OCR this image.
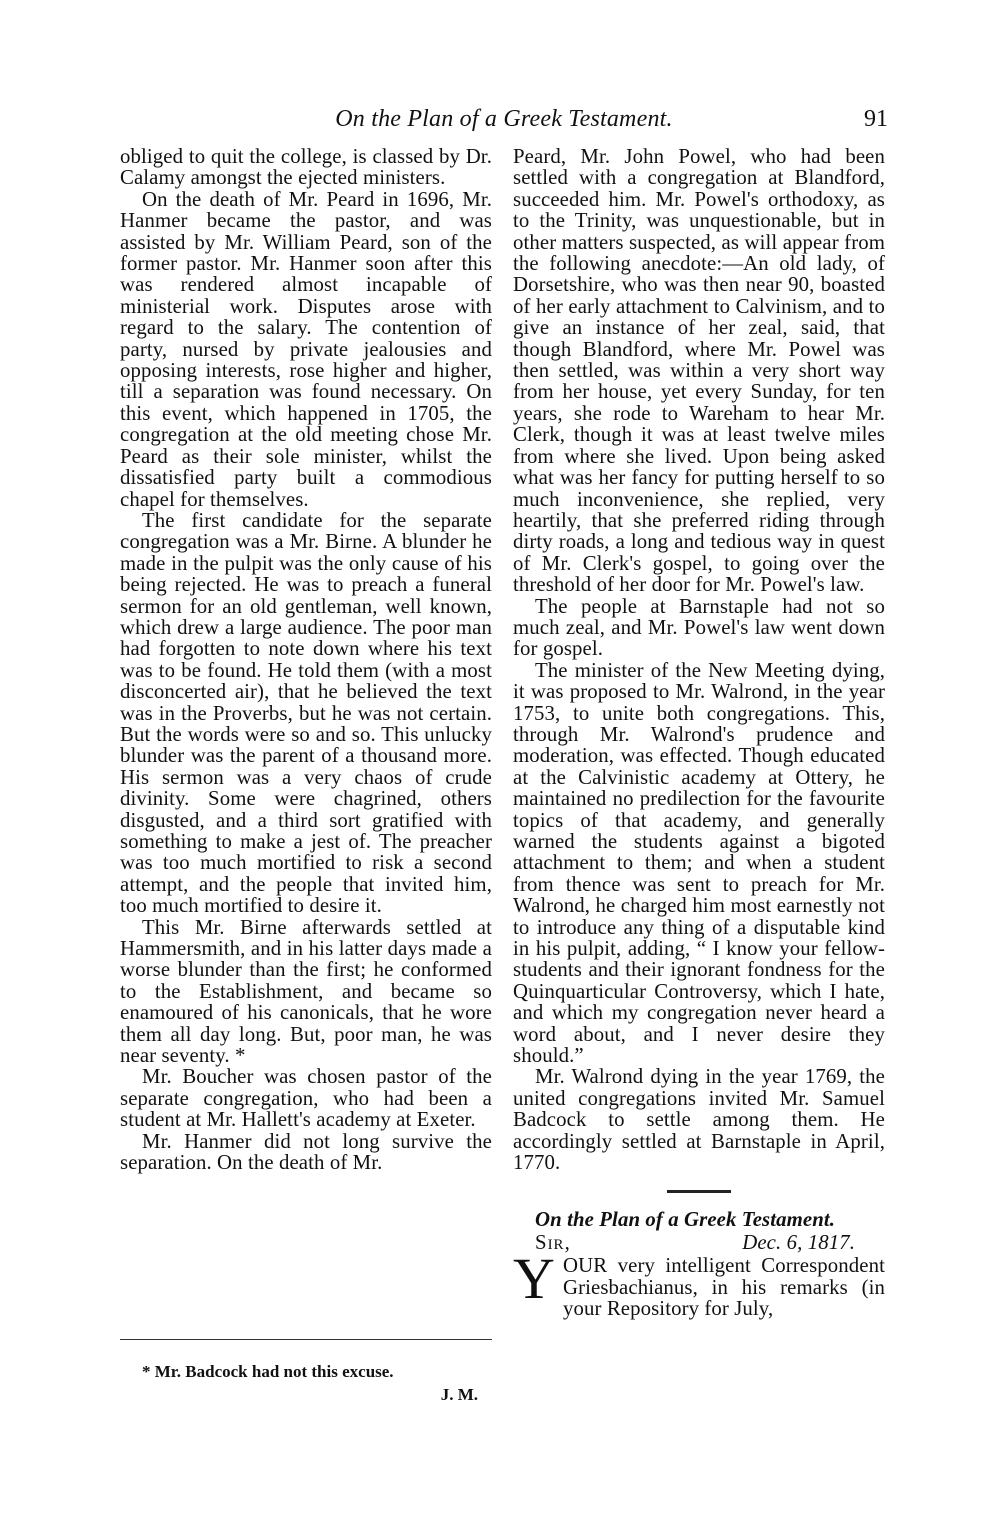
On the Plan of a Greek Testament.	91

obliged to quit the college, is classed by Dr. Calamy amongst the ejected ministers.

On the death of Mr. Peard in 1696, Mr. Hanmer became the pastor, and was assisted by Mr. William Peard, son of the former pastor. Mr. Hanmer soon after this was rendered almost incapable of ministerial work. Disputes arose with regard to the salary. The contention of party, nursed by private jealousies and opposing interests, rose higher and higher, till a separation was found necessary. On this event, which happened in 1705, the congregation at the old meeting chose Mr. Peard as their sole minister, whilst the dissatisfied party built a commodious chapel for themselves.

The first candidate for the separate congregation was a Mr. Birne. A blunder he made in the pulpit was the only cause of his being rejected. He was to preach a funeral sermon for an old gentleman, well known, which drew a large audience. The poor man had forgotten to note down where his text was to be found. He told them (with a most disconcerted air), that he believed the text was in the Proverbs, but he was not certain. But the words were so and so. This unlucky blunder was the parent of a thousand more. His sermon was a very chaos of crude divinity. Some were chagrined, others disgusted, and a third sort gratified with something to make a jest of. The preacher was too much mortified to risk a second attempt, and the people that invited him, too much mortified to desire it.

This Mr. Birne afterwards settled at Hammersmith, and in his latter days made a worse blunder than the first; he conformed to the Establishment, and became so enamoured of his canonicals, that he wore them all day long. But, poor man, he was near seventy. *

Mr. Boucher was chosen pastor of the separate congregation, who had been a student at Mr. Hallett's academy at Exeter.

Mr. Hanmer did not long survive the separation. On the death of Mr.

* Mr. Badcock had not this excuse.
J. M.

Peard, Mr. John Powel, who had been settled with a congregation at Blandford, succeeded him. Mr. Powel's orthodoxy, as to the Trinity, was unquestionable, but in other matters suspected, as will appear from the following anecdote:—An old lady, of Dorsetshire, who was then near 90, boasted of her early attachment to Calvinism, and to give an instance of her zeal, said, that though Blandford, where Mr. Powel was then settled, was within a very short way from her house, yet every Sunday, for ten years, she rode to Wareham to hear Mr. Clerk, though it was at least twelve miles from where she lived. Upon being asked what was her fancy for putting herself to so much inconvenience, she replied, very heartily, that she preferred riding through dirty roads, a long and tedious way in quest of Mr. Clerk's gospel, to going over the threshold of her door for Mr. Powel's law.

The people at Barnstaple had not so much zeal, and Mr. Powel's law went down for gospel.

The minister of the New Meeting dying, it was proposed to Mr. Walrond, in the year 1753, to unite both congregations. This, through Mr. Walrond's prudence and moderation, was effected. Though educated at the Calvinistic academy at Ottery, he maintained no predilection for the favourite topics of that academy, and generally warned the students against a bigoted attachment to them; and when a student from thence was sent to preach for Mr. Walrond, he charged him most earnestly not to introduce any thing of a disputable kind in his pulpit, adding, “ I know your fellow-students and their ignorant fondness for the Quinquarticular Controversy, which I hate, and which my congregation never heard a word about, and I never desire they should.”

Mr. Walrond dying in the year 1769, the united congregations invited Mr. Samuel Badcock to settle among them. He accordingly settled at Barnstaple in April, 1770.

On the Plan of a Greek Testament.

Sir,	Dec. 6, 1817.

YOUR very intelligent Correspondent Griesbachianus, in his remarks (in your Repository for July,
